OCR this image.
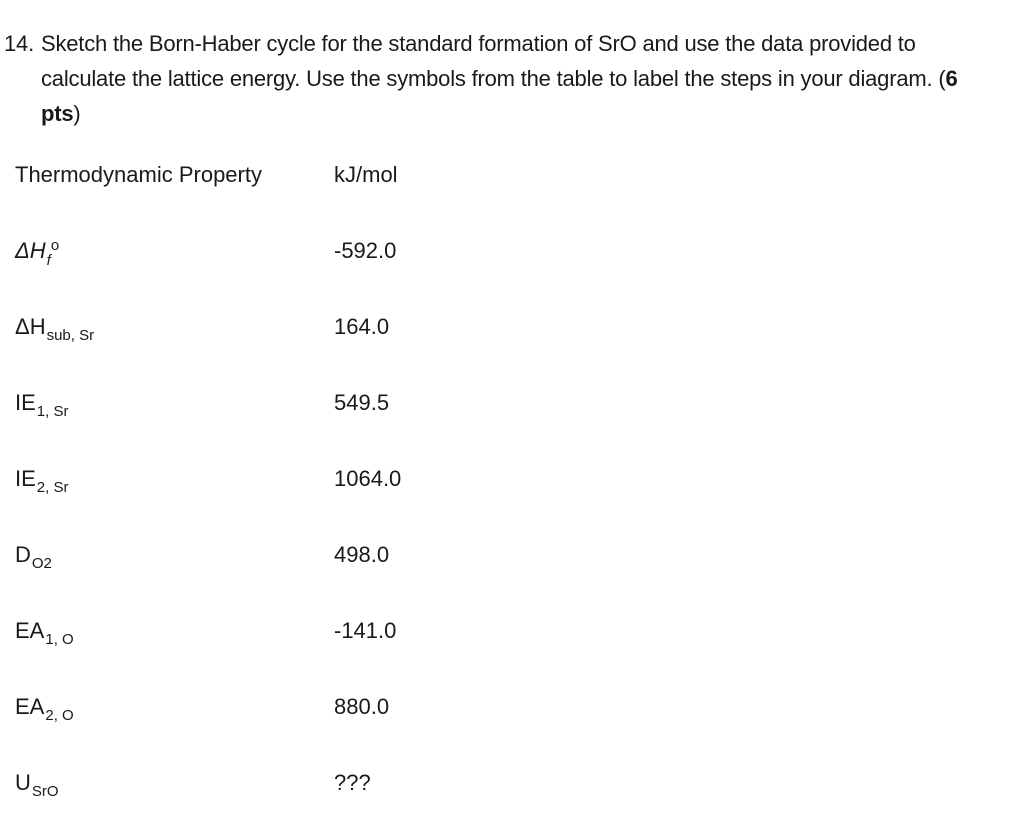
14. Sketch the Born-Haber cycle for the standard formation of SrO and use the data provided to
calculate the lattice energy. Use the symbols from the table to label the steps in your diagram. (6
pts)
Thermodynamic Property	kJ/mol
$\Delta H_f^o$	-592.0
$\Delta H_{sub, Sr}$	164.0
$IE_{1, Sr}$	549.5
$IE_{2, Sr}$	1064.0
$D_{O2}$	498.0
$EA_{1, O}$	-141.0
$EA_{2, O}$	880.0
$U_{SrO}$	???
